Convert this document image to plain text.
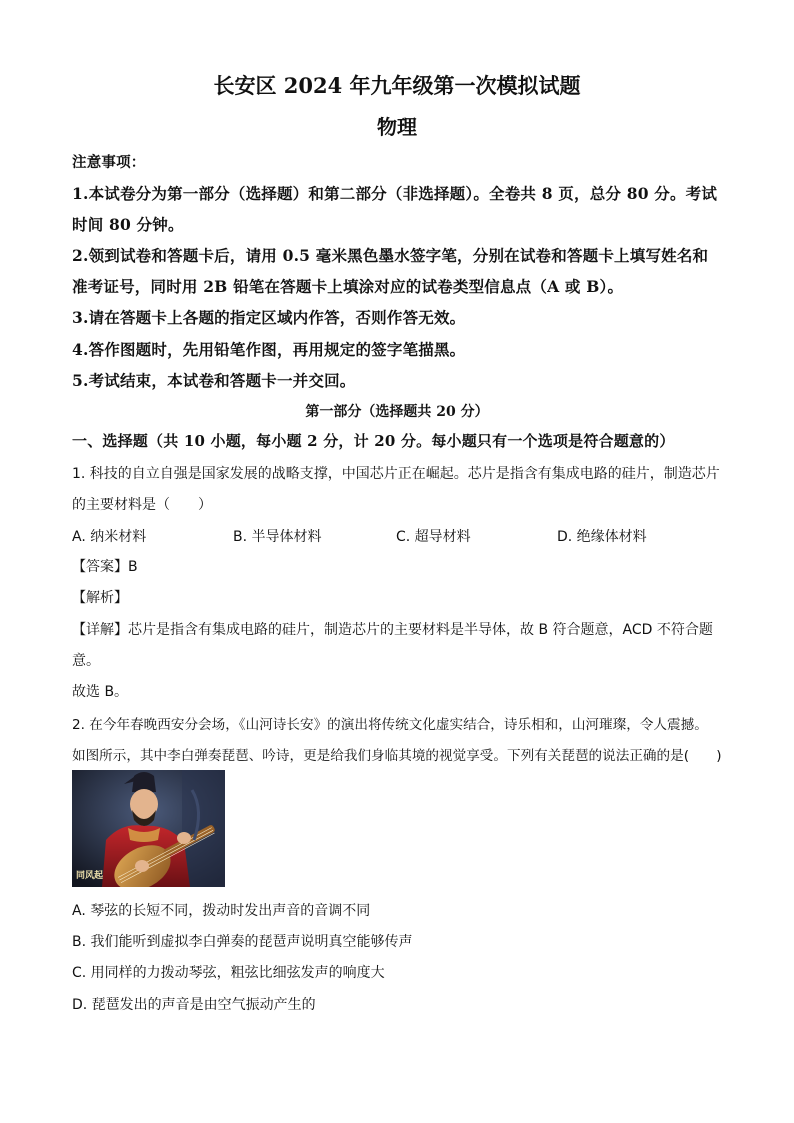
长安区 2024 年九年级第一次模拟试题
物理
注意事项：
1.本试卷分为第一部分（选择题）和第二部分（非选择题）。全卷共 8 页，总分 80 分。考试
时间 80 分钟。
2.领到试卷和答题卡后，请用 0.5 毫米黑色墨水签字笔，分别在试卷和答题卡上填写姓名和
准考证号，同时用 2B 铅笔在答题卡上填涂对应的试卷类型信息点（A 或 B）。
3.请在答题卡上各题的指定区域内作答，否则作答无效。
4.答作图题时，先用铅笔作图，再用规定的签字笔描黑。
5.考试结束，本试卷和答题卡一并交回。
第一部分（选择题共 20 分）
一、选择题（共 10 小题，每小题 2 分，计 20 分。每小题只有一个选项是符合题意的）
1. 科技的自立自强是国家发展的战略支撑，中国芯片正在崛起。芯片是指含有集成电路的硅片，制造芯片
的主要材料是（　　）
A. 纳米材料	B. 半导体材料	C. 超导材料	D. 绝缘体材料
【答案】B
【解析】
【详解】芯片是指含有集成电路的硅片，制造芯片的主要材料是半导体，故 B 符合题意，ACD 不符合题
意。
故选 B。
2. 在今年春晚西安分会场，《山河诗长安》的演出将传统文化虚实结合，诗乐相和，山河璀璨，令人震撼。
如图所示，其中李白弹奏琵琶、吟诗，更是给我们身临其境的视觉享受。下列有关琵琶的说法正确的是(　　)
同风起
A. 琴弦的长短不同，拨动时发出声音的音调不同
B. 我们能听到虚拟李白弹奏的琵琶声说明真空能够传声
C. 用同样的力拨动琴弦，粗弦比细弦发声的响度大
D. 琵琶发出的声音是由空气振动产生的
